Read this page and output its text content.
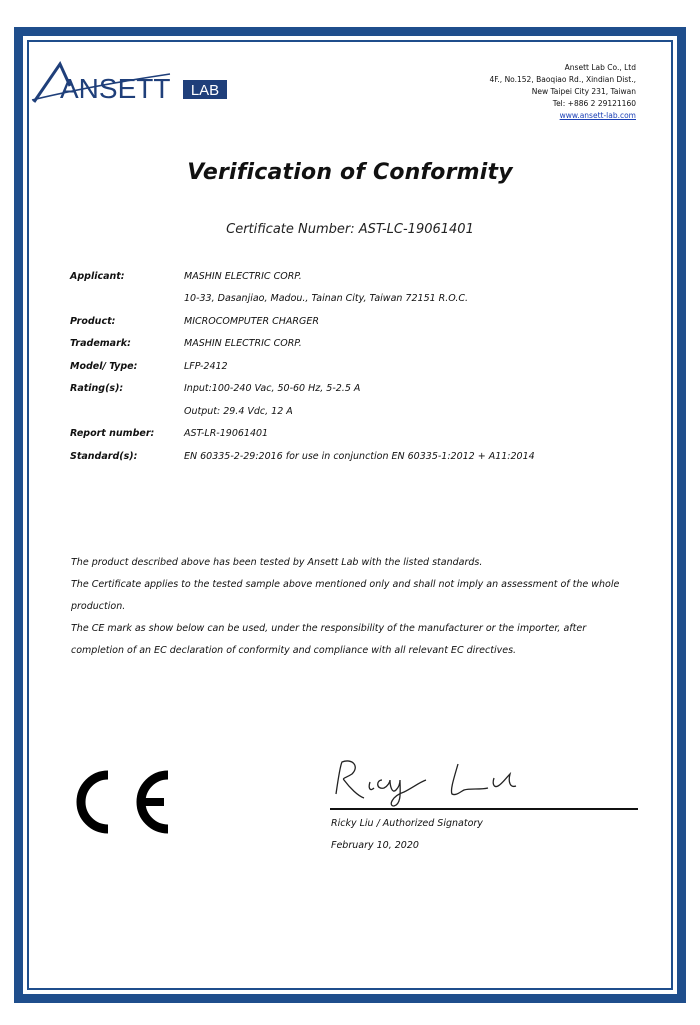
ANSETT LAB
Ansett Lab Co., Ltd
4F., No.152, Baoqiao Rd., Xindian Dist.,
New Taipei City 231, Taiwan
Tel: +886 2 29121160
www.ansett-lab.com
Verification of Conformity
Certificate Number: AST-LC-19061401
Applicant:	MASHIN ELECTRIC CORP.
10-33, Dasanjiao, Madou., Tainan City, Taiwan 72151 R.O.C.
Product:	MICROCOMPUTER CHARGER
Trademark:	MASHIN ELECTRIC CORP.
Model/ Type:	LFP-2412
Rating(s):	Input:100-240 Vac, 50-60 Hz, 5-2.5 A
Output: 29.4 Vdc, 12 A
Report number:	AST-LR-19061401
Standard(s):	EN 60335-2-29:2016 for use in conjunction EN 60335-1:2012 + A11:2014

The product described above has been tested by Ansett Lab with the listed standards.

The Certificate applies to the tested sample above mentioned only and shall not imply an assessment of the whole production.

The CE mark as show below can be used, under the responsibility of the manufacturer or the importer, after completion of an EC declaration of conformity and compliance with all relevant EC directives.

Ricky Liu / Authorized Signatory
February 10, 2020
